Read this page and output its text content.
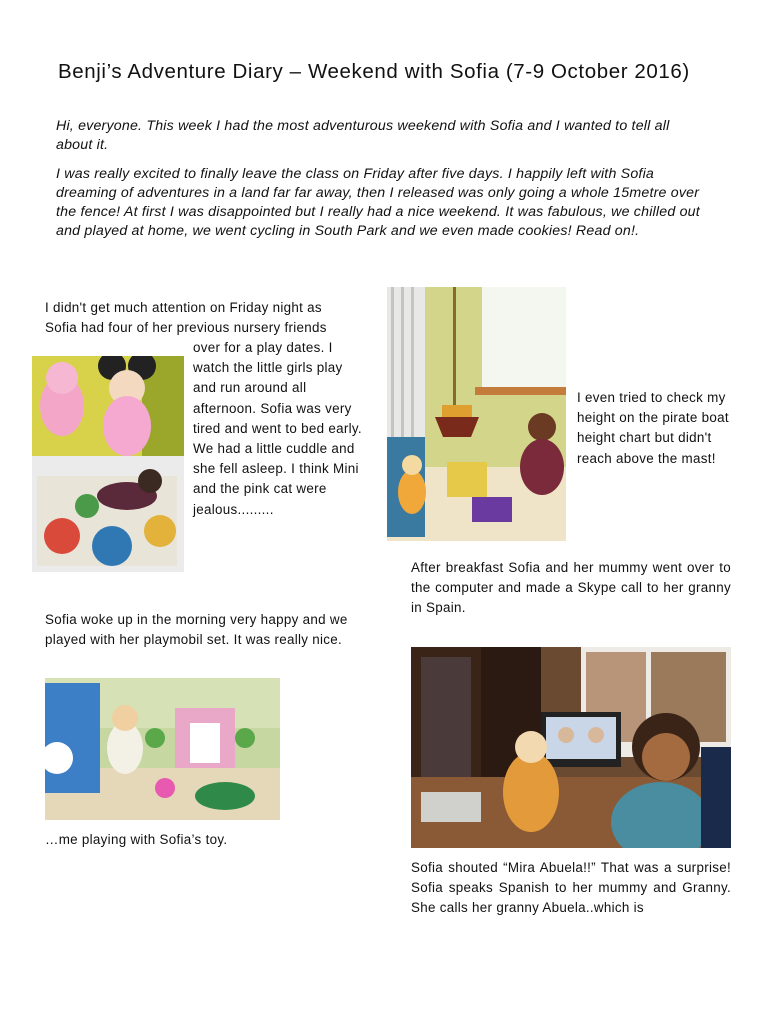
Benji’s Adventure Diary – Weekend with Sofia (7-9 October 2016)
Hi, everyone. This week I had the most adventurous weekend with Sofia and I wanted to tell all about it.
I was really excited to finally leave the class on Friday after five days. I happily left with Sofia dreaming of adventures in a land far far away, then I released was only going a whole 15metre over the fence! At first I was disappointed but I really had a nice weekend. It was fabulous, we chilled out and played at home, we went cycling in South Park and we even made cookies! Read on!.
I didn't get much attention on Friday night as
Sofia had four of her previous nursery friends
over for a play dates. I watch the little girls play and run around all afternoon. Sofia was very tired and went to bed early. We had a little cuddle and she fell asleep. I think Mini and the pink cat were jealous.........
I even tried to check my height on the pirate boat height chart but didn't reach above the mast!
After breakfast Sofia and her mummy went over to the computer and made a Skype call to her granny in Spain.
Sofia woke up in the morning very happy and we played with her playmobil set. It was really nice.
…me playing with Sofia’s toy.
Sofia shouted “Mira Abuela!!” That was a surprise! Sofia speaks Spanish to her mummy and Granny. She calls her granny Abuela..which is
